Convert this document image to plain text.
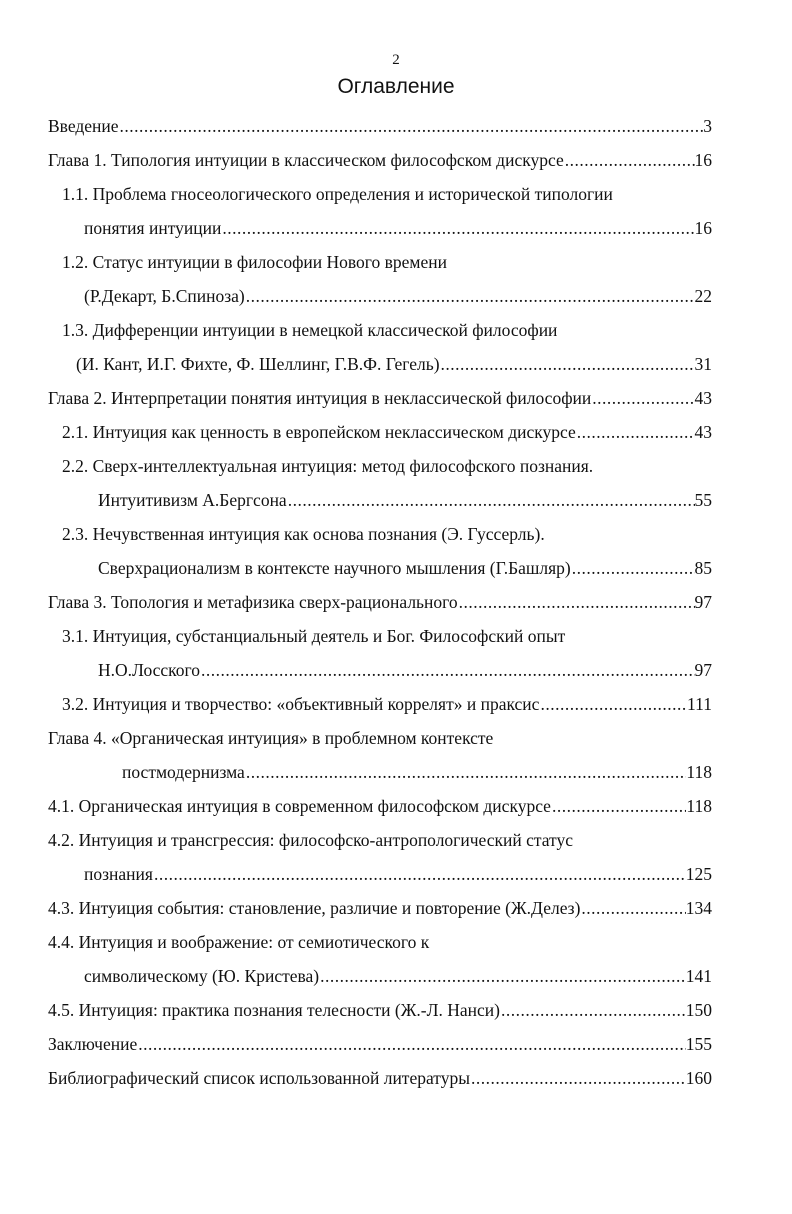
2
Оглавление
Введение .....	3
Глава 1. Типология интуиции в классическом философском дискурсе .....	16
1.1. Проблема гносеологического определения и исторической типологии
понятия интуиции .....	16
1.2. Статус интуиции в философии Нового времени
(Р.Декарт, Б.Спиноза) .....	22
1.3. Дифференции интуиции в немецкой классической философии
(И. Кант, И.Г. Фихте, Ф. Шеллинг, Г.В.Ф. Гегель) .....	31
Глава 2. Интерпретации понятия интуиция в неклассической философии .....	43
2.1. Интуиция как ценность в европейском неклассическом дискурсе .....	43
2.2. Сверх-интеллектуальная интуиция: метод философского познания.
Интуитивизм А.Бергсона .....	55
2.3. Нечувственная интуиция как основа познания (Э. Гуссерль).
Сверхрационализм в контексте научного мышления (Г.Башляр) .....	85
Глава 3. Топология и метафизика сверх-рационального .....	97
3.1. Интуиция, субстанциальный деятель и Бог. Философский опыт
Н.О.Лосского .....	97
3.2. Интуиция и творчество: «объективный коррелят» и праксис .....	111
Глава 4. «Органическая интуиция» в проблемном контексте
постмодернизма .....	118
4.1. Органическая интуиция в современном философском дискурсе .....	118
4.2. Интуиция и трансгрессия: философско-антропологический статус
познания .....	125
4.3. Интуиция события: становление, различие и повторение (Ж.Делез) .....	134
4.4. Интуиция и воображение: от семиотического к
символическому (Ю. Кристева) .....	141
4.5. Интуиция: практика познания телесности (Ж.-Л. Нанси) .....	150
Заключение .....	155
Библиографический список использованной литературы .....	160
